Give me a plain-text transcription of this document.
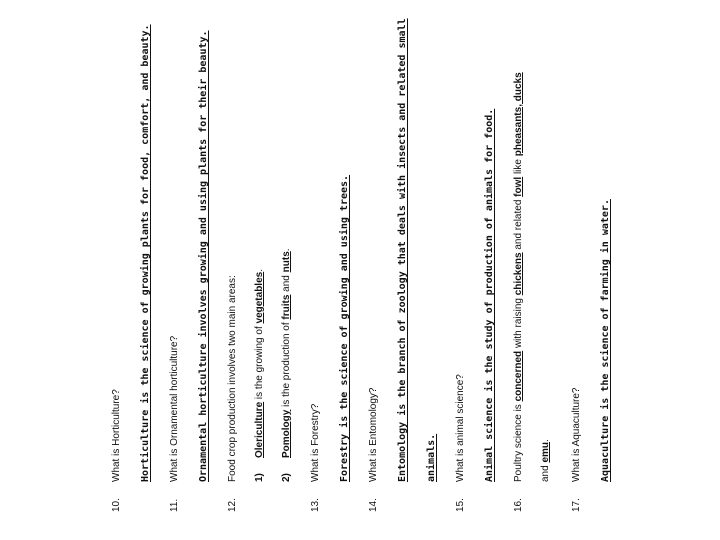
10.
What is Horticulture? Horticulture is the science of growing plants for food, comfort, and beauty.
11.
What is Ornamental horticulture? Ornamental horticulture involves growing and using plants for their beauty.
12.
Food crop production involves two main areas: 1)Olericulture is the growing of vegetables.
2)Pomology is the production of fruits and nuts.
13.
What is Forestry? Forestry is the science of growing and using trees.
14.
What is Entomology? Entomology is the branch of zoology that deals with insects and related small animals.
15.
What is animal science? Animal science is the study of production of animals for food.
16.
Poultry science is concerned with raising chickens and related fowl like pheasants, ducks
and emu.
17.
What is Aquaculture? Aquaculture is the science of farming in water.
